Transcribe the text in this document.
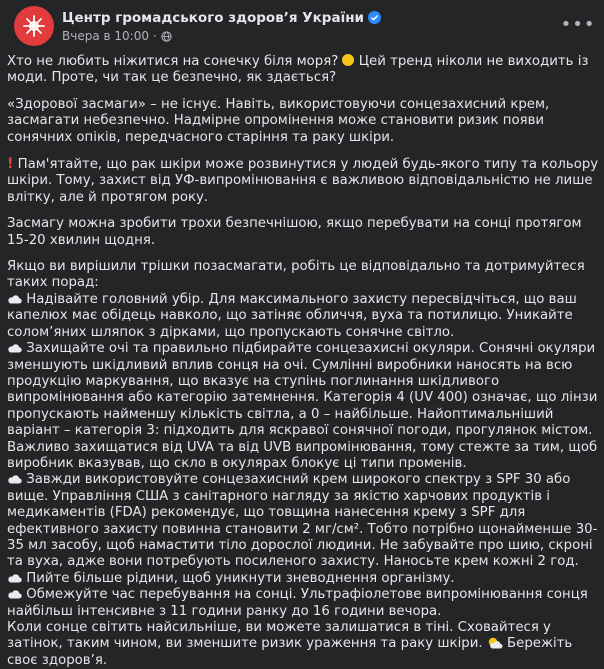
Центр громадського здоров’я України
Вчера в 10:00 ·
•••

Хто не любить ніжитися на сонечку біля моря?  Цей тренд ніколи не виходить із моди. Проте, чи так це безпечно, як здається?

«Здорової засмаги» – не існує. Навіть, використовуючи сонцезахисний крем, засмагати небезпечно. Надмірне опромінення може становити ризик появи сонячних опіків, передчасного старіння та раку шкіри.

! Пам'ятайте, що рак шкіри може розвинутися у людей будь-якого типу та кольору шкіри. Тому, захист від УФ-випромінювання є важливою відповідальністю не лише влітку, але й протягом року.

Засмагу можна зробити трохи безпечнішою, якщо перебувати на сонці протягом 15-20 хвилин щодня.

Якщо ви вирішили трішки позасмагати, робіть це відповідально та дотримуйтеся таких порад:
Надівайте головний убір. Для максимального захисту пересвідчіться, що ваш капелюх має обідець навколо, що затіняє обличчя, вуха та потилицю. Уникайте солом’яних шляпок з дірками, що пропускають сонячне світло.
Захищайте очі та правильно підбирайте сонцезахисні окуляри. Сонячні окуляри зменшують шкідливий вплив сонця на очі. Сумлінні виробники наносять на всю продукцію маркування, що вказує на ступінь поглинання шкідливого випромінювання або категорію затемнення. Категорія 4 (UV 400) означає, що лінзи пропускають найменшу кількість світла, а 0 – найбільше. Найоптимальніший варіант – категорія 3: підходить для яскравої сонячної погоди, прогулянок містом. Важливо захищатися від UVA та від UVB випромінювання, тому стежте за тим, щоб виробник вказував, що скло в окулярах блокує ці типи променів.
Завжди використовуйте сонцезахисний крем широкого спектру з SPF 30 або вище. Управління США з санітарного нагляду за якістю харчових продуктів і медикаментів (FDA) рекомендує, що товщина нанесення крему з SPF для ефективного захисту повинна становити 2 мг/см². Тобто потрібно щонайменше 30-35 мл засобу, щоб намастити тіло дорослої людини. Не забувайте про шию, скроні та вуха, адже вони потребують посиленого захисту. Наносьте крем кожні 2 год.
Пийте більше рідини, щоб уникнути зневоднення організму.
Обмежуйте час перебування на сонці. Ультрафіолетове випромінювання сонця найбільш інтенсивне з 11 години ранку до 16 години вечора.
Коли сонце світить найсильніше, ви можете залишатися в тіні. Сховайтеся у затінок, таким чином, ви зменшите ризик ураження та раку шкіри.  Бережіть своє здоров’я.
